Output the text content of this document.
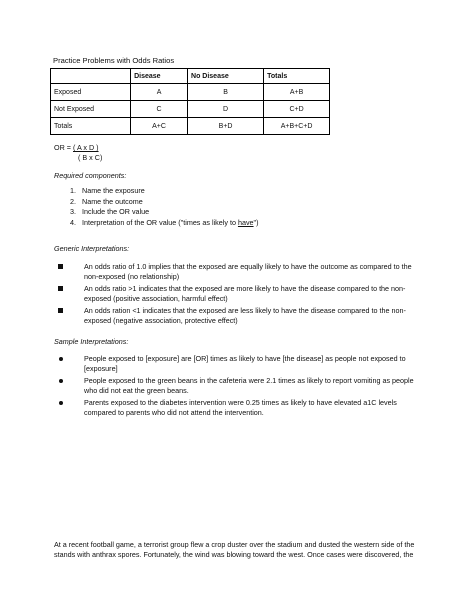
Practice Problems with Odds Ratios
	Disease	No Disease	Totals
Exposed	A	B	A+B
Not Exposed	C	D	C+D
Totals	A+C	B+D	A+B+C+D
OR = ( A x D )
( B x C)
Required components:
1. Name the exposure
2. Name the outcome
3. Include the OR value
4. Interpretation of the OR value ("times as likely to have")
Generic Interpretations:
An odds ratio of 1.0 implies that the exposed are equally likely to have the outcome as compared to the non-exposed (no relationship)
An odds ratio >1 indicates that the exposed are more likely to have the disease compared to the non-exposed (positive association, harmful effect)
An odds ration <1 indicates that the exposed are less likely to have the disease compared to the non-exposed (negative association, protective effect)
Sample Interpretations:
People exposed to [exposure] are [OR] times as likely to have [the disease] as people not exposed to [exposure]
People exposed to the green beans in the cafeteria were 2.1 times as likely to report vomiting as people who did not eat the green beans.
Parents exposed to the diabetes intervention were 0.25 times as likely to have elevated a1C levels compared to parents who did not attend the intervention.
At a recent football game, a terrorist group flew a crop duster over the stadium and dusted the western side of the stands with anthrax spores. Fortunately, the wind was blowing toward the west. Once cases were discovered, the
